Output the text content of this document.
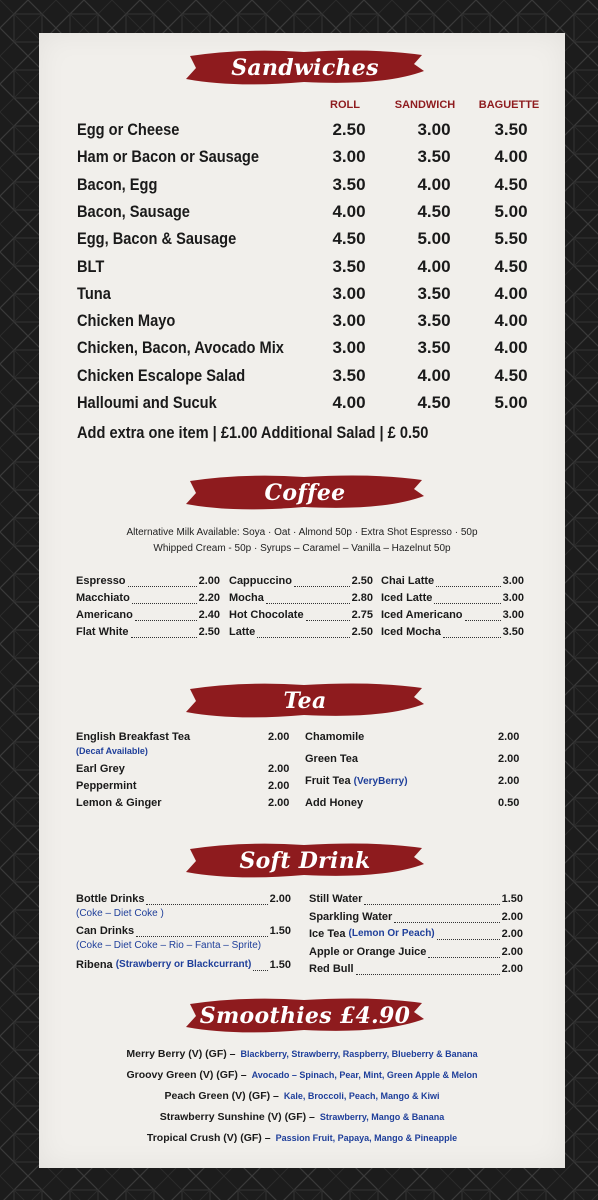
Sandwiches
ROLL	SANDWICH	BAGUETTE
Egg or Cheese	2.50	3.00	3.50
Ham or Bacon or Sausage	3.00	3.50	4.00
Bacon, Egg	3.50	4.00	4.50
Bacon, Sausage	4.00	4.50	5.00
Egg, Bacon & Sausage	4.50	5.00	5.50
BLT	3.50	4.00	4.50
Tuna	3.00	3.50	4.00
Chicken Mayo	3.00	3.50	4.00
Chicken, Bacon, Avocado Mix	3.00	3.50	4.00
Chicken Escalope Salad	3.50	4.00	4.50
Halloumi and Sucuk	4.00	4.50	5.00
Add extra one item | £1.00 Additional Salad | £ 0.50
Coffee
Alternative Milk Available: Soya · Oat · Almond 50p · Extra Shot Espresso · 50p
Whipped Cream - 50p · Syrups – Caramel – Vanilla – Hazelnut 50p
Espresso	2.00
Macchiato	2.20
Americano	2.40
Flat White	2.50
Cappuccino	2.50
Mocha	2.80
Hot Chocolate	2.75
Latte	2.50
Chai Latte	3.00
Iced Latte	3.00
Iced Americano	3.00
Iced Mocha	3.50
Tea
English Breakfast Tea	2.00
(Decaf Available)
Earl Grey	2.00
Peppermint	2.00
Lemon & Ginger	2.00
Chamomile	2.00
Green Tea	2.00
Fruit Tea (VeryBerry)	2.00
Add Honey	0.50
Soft Drink
Bottle Drinks	2.00
(Coke – Diet Coke )
Can Drinks	1.50
(Coke – Diet Coke – Rio – Fanta – Sprite)
Ribena (Strawberry or Blackcurrant) 1.50
Still Water	1.50
Sparkling Water	2.00
Ice Tea (Lemon Or Peach)	2.00
Apple or Orange Juice	2.00
Red Bull	2.00
Smoothies £4.90
Merry Berry (V) (GF) – Blackberry, Strawberry, Raspberry, Blueberry & Banana
Groovy Green (V) (GF) – Avocado – Spinach, Pear, Mint, Green Apple & Melon
Peach Green (V) (GF) – Kale, Broccoli, Peach, Mango & Kiwi
Strawberry Sunshine (V) (GF) – Strawberry, Mango & Banana
Tropical Crush (V) (GF) – Passion Fruit, Papaya, Mango & Pineapple
